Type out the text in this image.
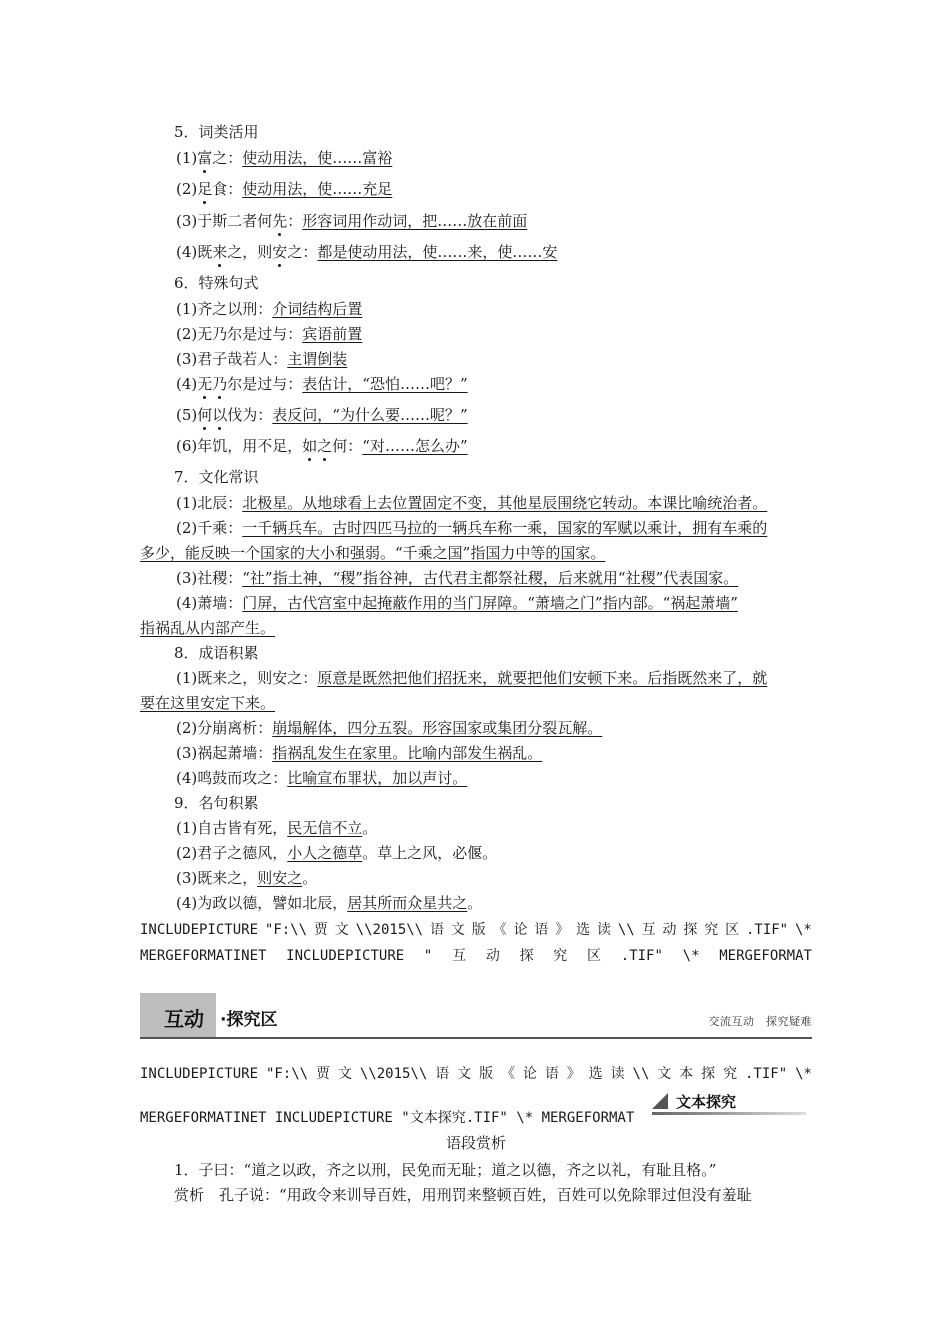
5．词类活用
(1)富之：使动用法，使……富裕
(2)足食：使动用法，使……充足
(3)于斯二者何先：形容词用作动词，把……放在前面
(4)既来之，则安之：都是使动用法，使……来，使……安
6．特殊句式
(1)齐之以刑：介词结构后置
(2)无乃尔是过与：宾语前置
(3)君子哉若人：主谓倒装
(4)无乃尔是过与：表估计，“恐怕……吧？”
(5)何以伐为：表反问，“为什么要……呢？”
(6)年饥，用不足，如之何：“对……怎么办”
7．文化常识
(1)北辰：北极星。从地球看上去位置固定不变，其他星辰围绕它转动。本课比喻统治者。
(2)千乘：一千辆兵车。古时四匹马拉的一辆兵车称一乘，国家的军赋以乘计，拥有车乘的
多少，能反映一个国家的大小和强弱。“千乘之国”指国力中等的国家。
(3)社稷：“社”指土神，“稷”指谷神，古代君主都祭社稷，后来就用“社稷”代表国家。
(4)萧墙：门屏，古代宫室中起掩蔽作用的当门屏障。“萧墙之门”指内部。“祸起萧墙”
指祸乱从内部产生。
8．成语积累
(1)既来之，则安之：原意是既然把他们招抚来，就要把他们安顿下来。后指既然来了，就
要在这里安定下来。
(2)分崩离析：崩塌解体，四分五裂。形容国家或集团分裂瓦解。
(3)祸起萧墙：指祸乱发生在家里。比喻内部发生祸乱。
(4)鸣鼓而攻之：比喻宣布罪状，加以声讨。
9．名句积累
(1)自古皆有死，民无信不立。
(2)君子之德风，小人之德草。草上之风，必偃。
(3)既来之，则安之。
(4)为政以德，譬如北辰，居其所而众星共之。
INCLUDEPICTURE "F:\\ 贾 文 \\2015\\ 语 文 版 《 论 语 》 选 读 \\ 互 动 探 究 区 .TIF" \*
MERGEFORMATINET INCLUDEPICTURE " 互 动 探 究 区 .TIF" \* MERGEFORMAT
互动 ·探究区	交流互动　探究疑难
INCLUDEPICTURE "F:\\ 贾 文 \\2015\\ 语 文 版 《 论 语 》 选 读 \\ 文 本 探 究 .TIF" \*
MERGEFORMATINET INCLUDEPICTURE "文本探究.TIF" \* MERGEFORMAT
文本探究
语段赏析
1．子曰：“道之以政，齐之以刑，民免而无耻；道之以德，齐之以礼，有耻且格。”
赏析　孔子说：“用政令来训导百姓，用刑罚来整顿百姓，百姓可以免除罪过但没有羞耻
